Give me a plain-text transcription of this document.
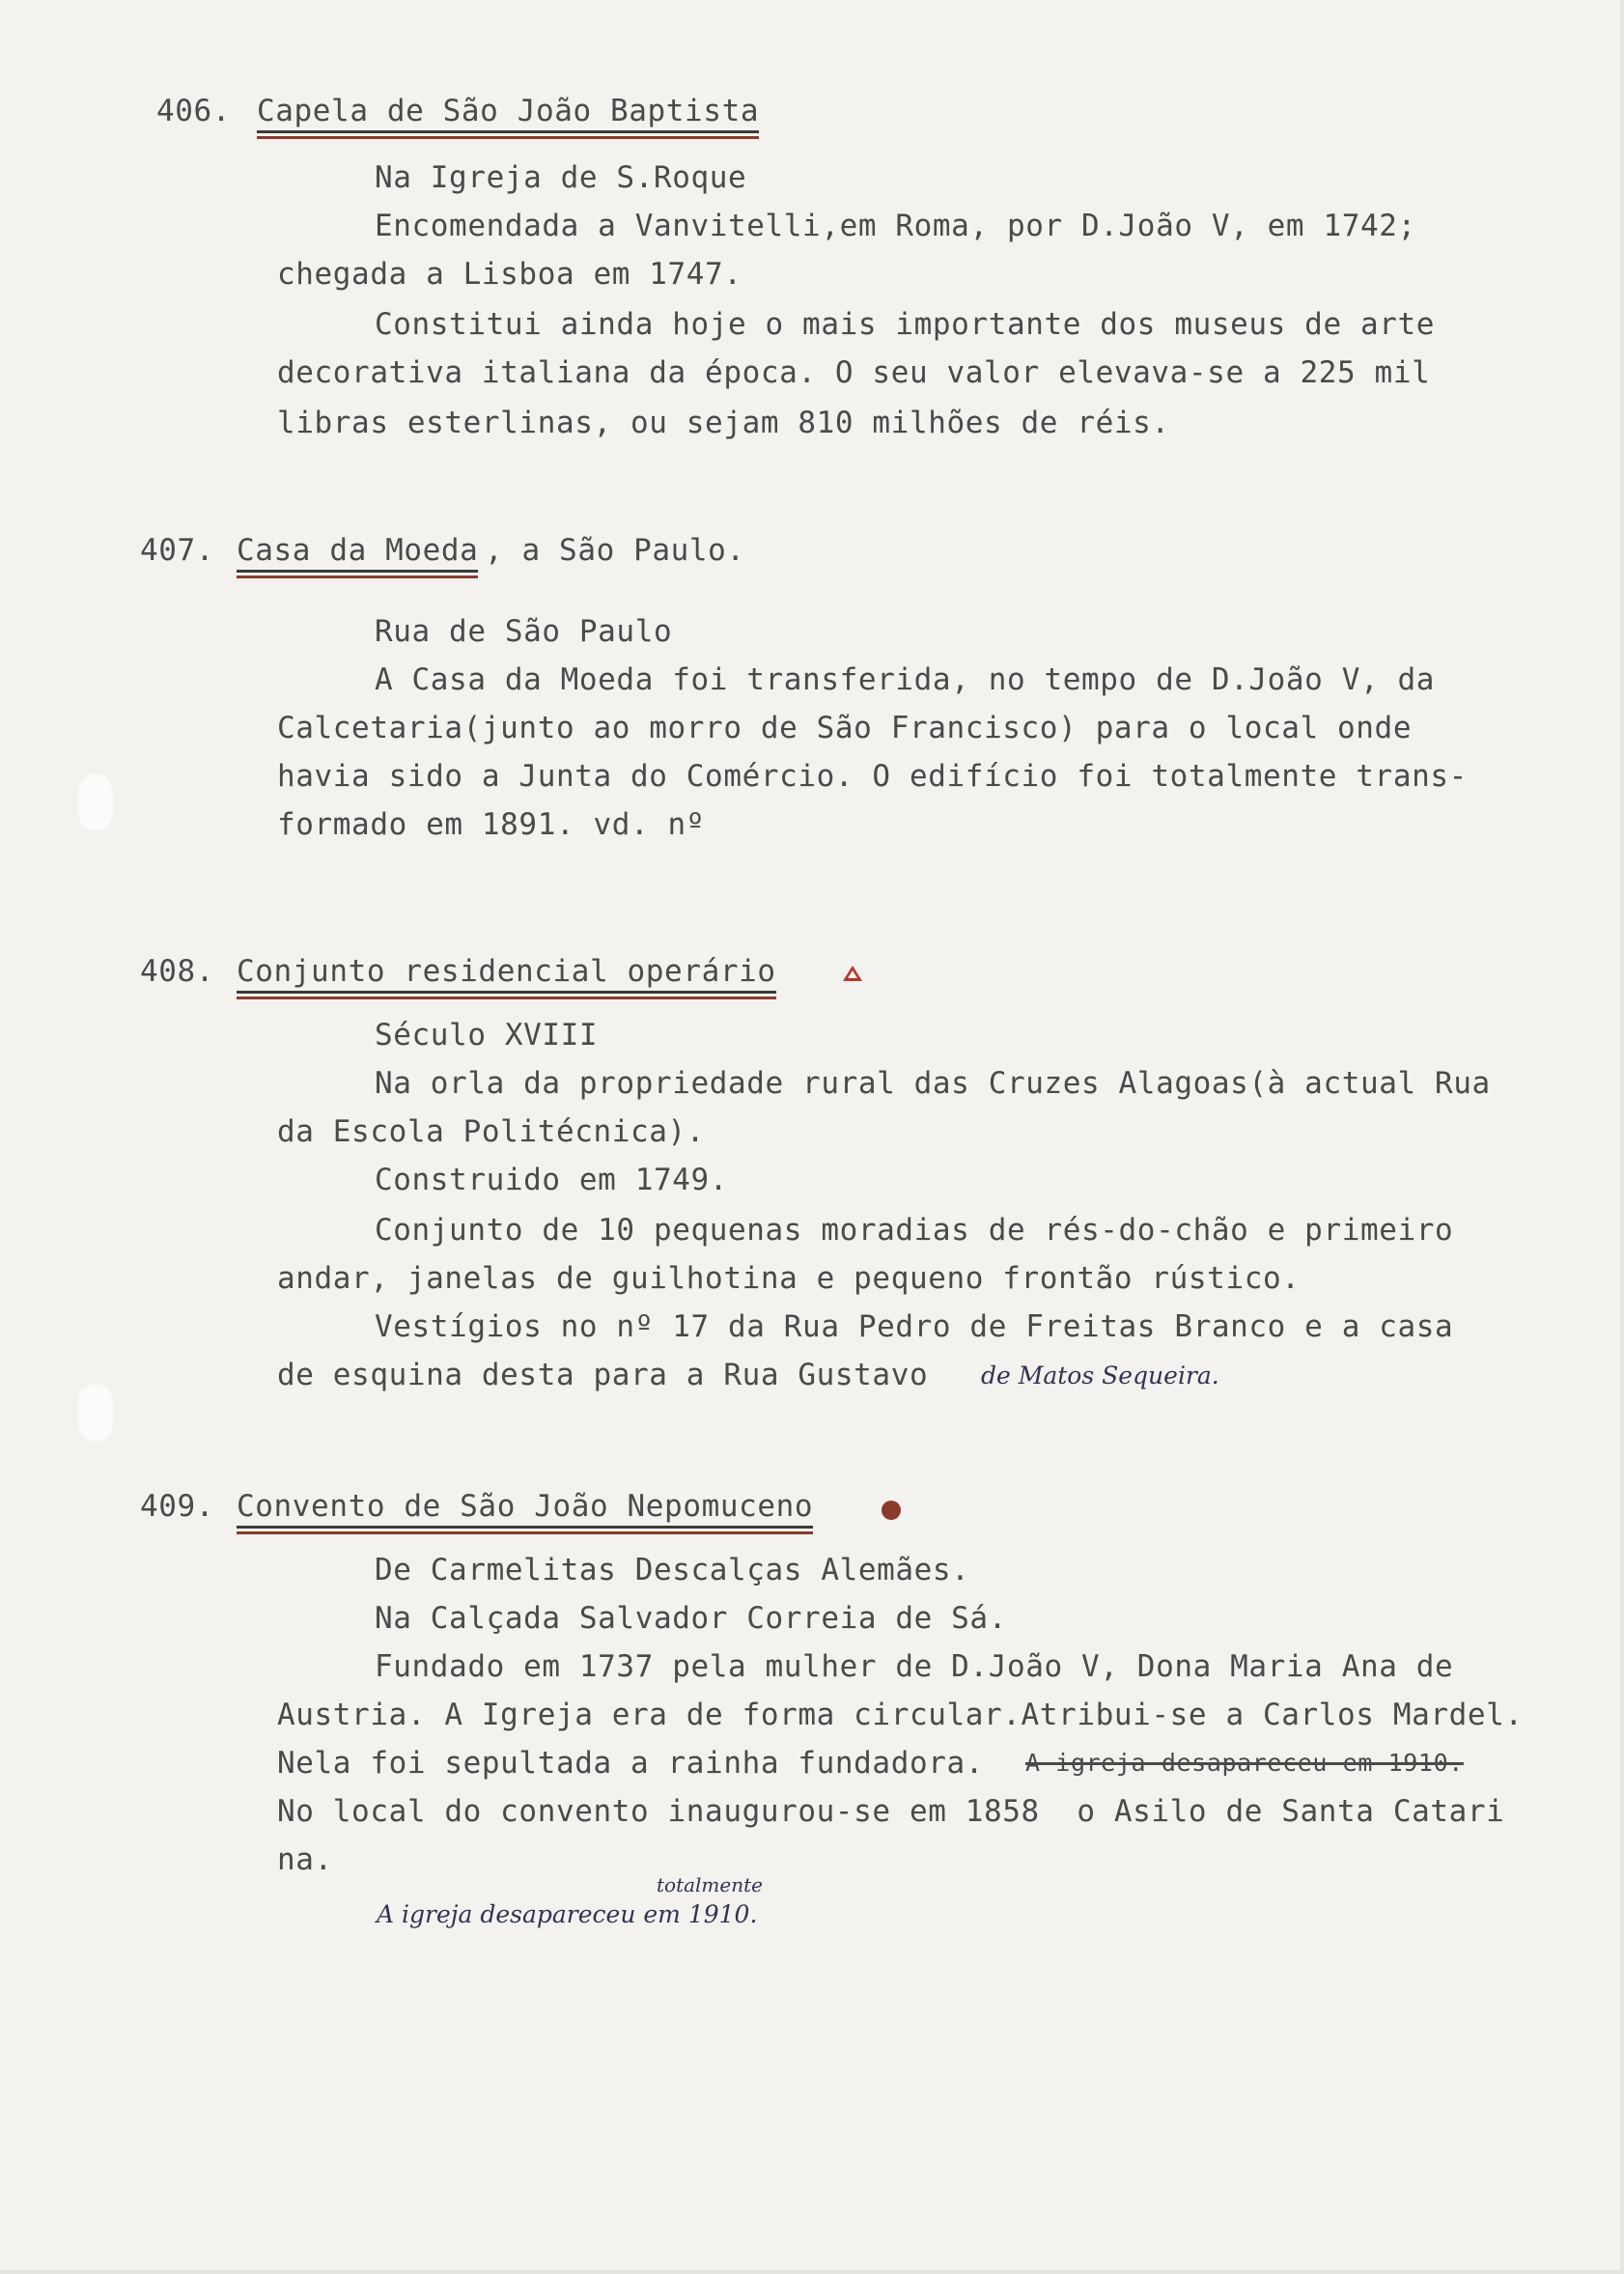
406. Capela de São João Baptista
Na Igreja de S.Roque
Encomendada a Vanvitelli,em Roma, por D.João V, em 1742;
chegada a Lisboa em 1747.
Constitui ainda hoje o mais importante dos museus de arte
decorativa italiana da época. O seu valor elevava-se a 225 mil
libras esterlinas, ou sejam 810 milhões de réis.
407. Casa da Moeda , a São Paulo.
Rua de São Paulo
A Casa da Moeda foi transferida, no tempo de D.João V, da
Calcetaria(junto ao morro de São Francisco) para o local onde
havia sido a Junta do Comércio. O edifício foi totalmente trans-
formado em 1891. vd. nº
408. Conjunto residencial operário
Século XVIII
Na orla da propriedade rural das Cruzes Alagoas(à actual Rua
da Escola Politécnica).
Construido em 1749.
Conjunto de 10 pequenas moradias de rés-do-chão e primeiro
andar, janelas de guilhotina e pequeno frontão rústico.
Vestígios no nº 17 da Rua Pedro de Freitas Branco e a casa
de esquina desta para a Rua Gustavo de Matos Sequeira.
409. Convento de São João Nepomuceno
De Carmelitas Descalças Alemães.
Na Calçada Salvador Correia de Sá.
Fundado em 1737 pela mulher de D.João V, Dona Maria Ana de
Austria. A Igreja era de forma circular.Atribui-se a Carlos Mardel.
Nela foi sepultada a rainha fundadora. A igreja desapareceu em 1910.
No local do convento inaugurou-se em 1858  o Asilo de Santa Catari
na.
totalmente
A igreja desapareceu em 1910.
